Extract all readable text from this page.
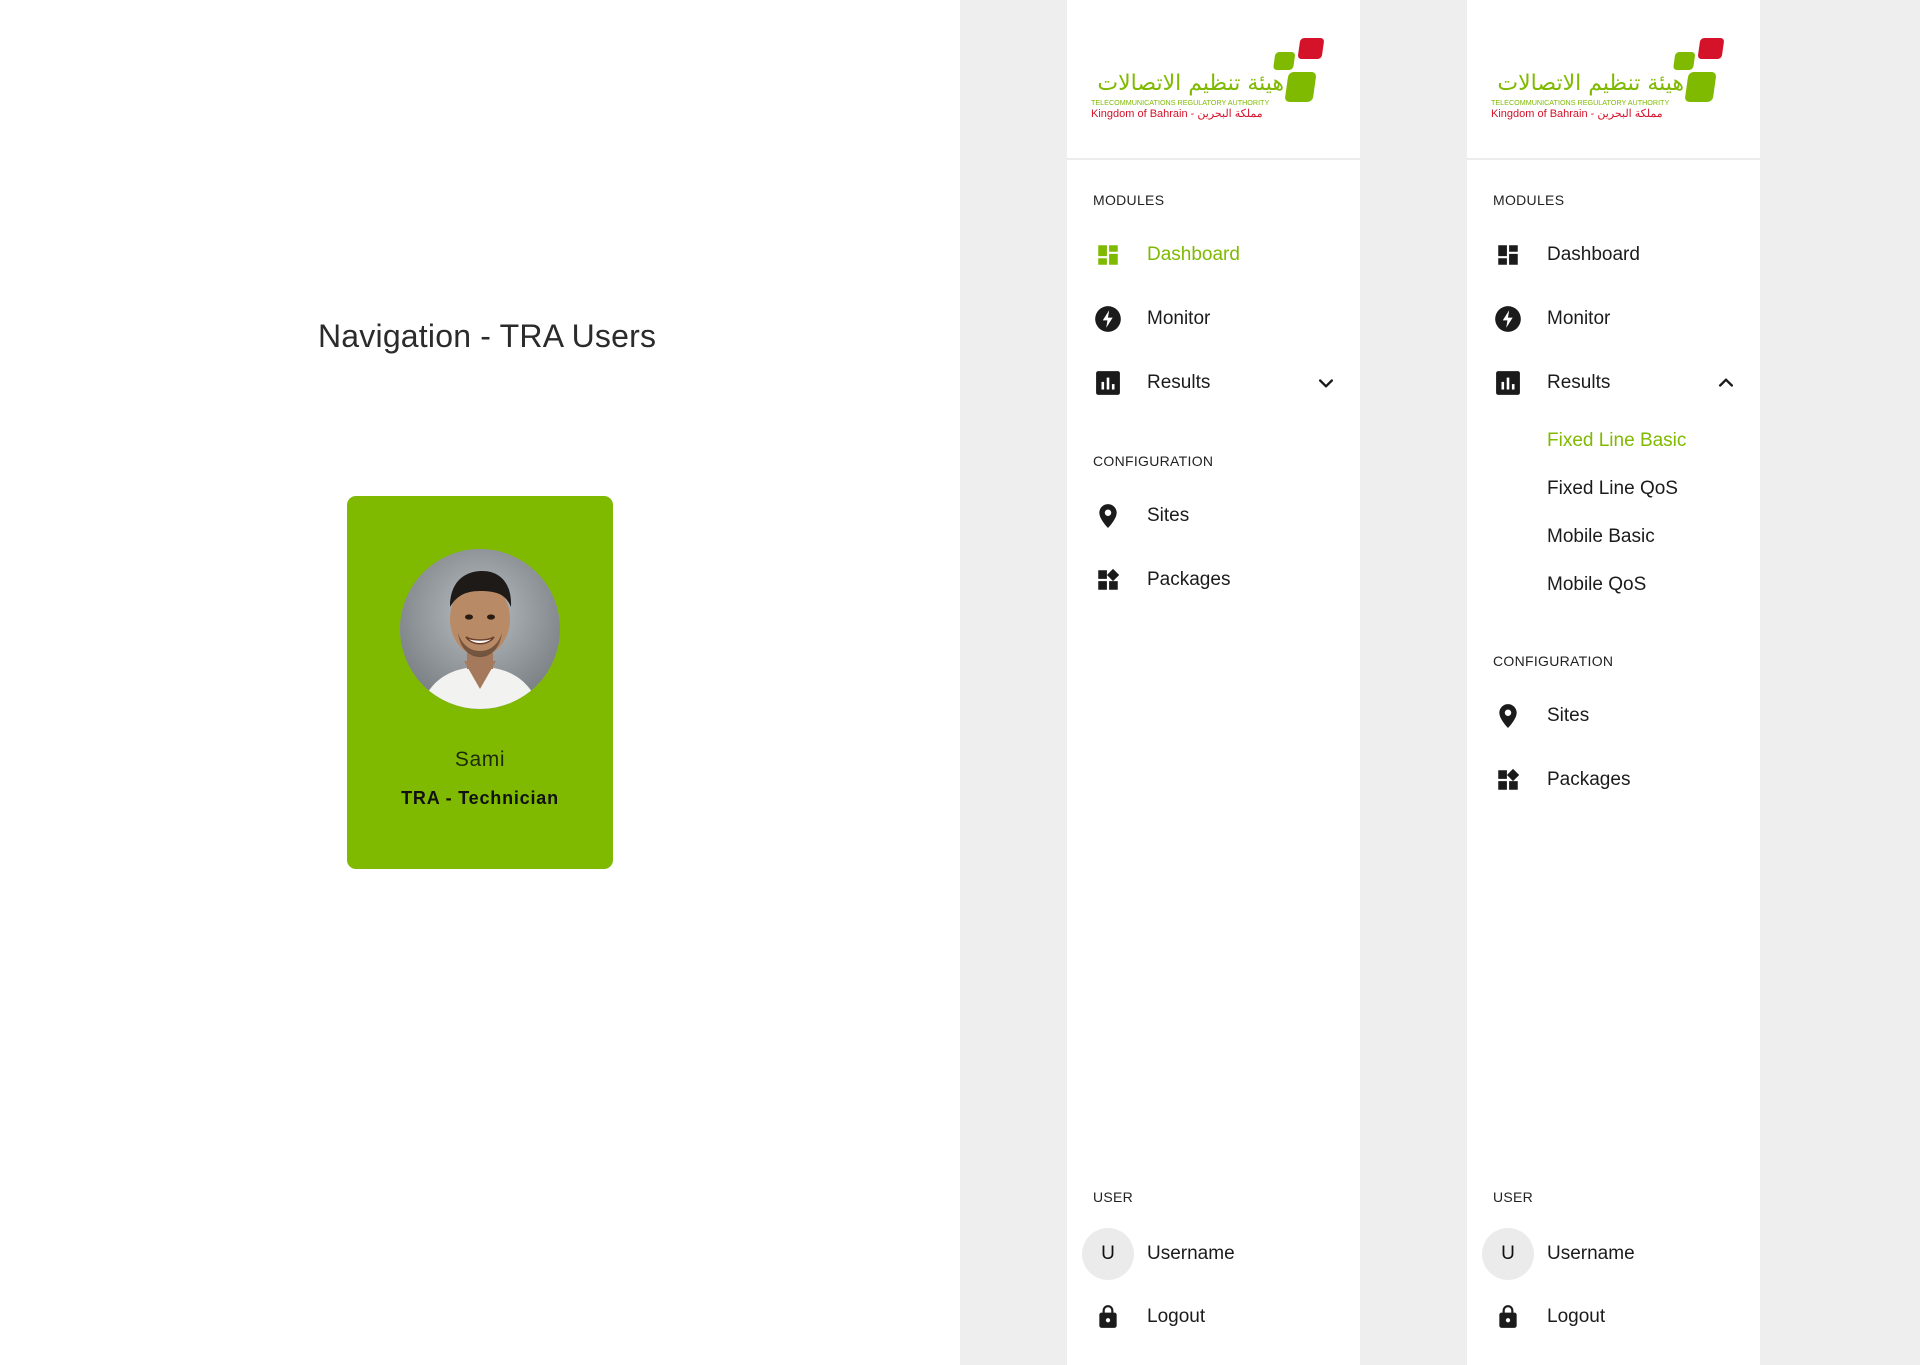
Navigation - TRA Users
Sami
TRA - Technician
هيئة تنظيم الاتصالات
TELECOMMUNICATIONS REGULATORY AUTHORITY
Kingdom of Bahrain - مملكة البحرين
MODULES
Dashboard
Monitor
Results
CONFIGURATION
Sites
Packages
USER
U	Username
Logout
هيئة تنظيم الاتصالات
TELECOMMUNICATIONS REGULATORY AUTHORITY
Kingdom of Bahrain - مملكة البحرين
MODULES
Dashboard
Monitor
Results
Fixed Line Basic
Fixed Line QoS
Mobile Basic
Mobile QoS
CONFIGURATION
Sites
Packages
USER
U	Username
Logout
